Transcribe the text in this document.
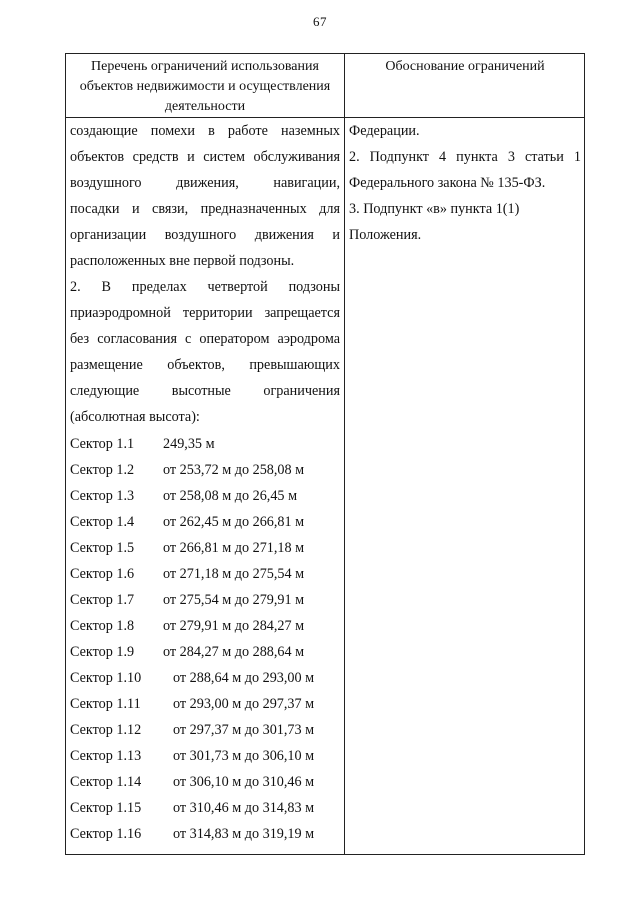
67
Перечень ограничений использования
объектов недвижимости и осуществления
деятельности
Обоснование ограничений
создающие помехи в работе наземных
объектов средств и систем обслуживания
воздушного движения, навигации,
посадки и связи, предназначенных для
организации воздушного движения и
расположенных вне первой подзоны.
2. В пределах четвертой подзоны
приаэродромной территории запрещается
без согласования с оператором аэродрома
размещение объектов, превышающих
следующие высотные ограничения
(абсолютная высота):
Сектор 1.1 249,35 м
Сектор 1.2 от 253,72 м до 258,08 м
Сектор 1.3 от 258,08 м до 26,45 м
Сектор 1.4 от 262,45 м до 266,81 м
Сектор 1.5 от 266,81 м до 271,18 м
Сектор 1.6 от 271,18 м до 275,54 м
Сектор 1.7 от 275,54 м до 279,91 м
Сектор 1.8 от 279,91 м до 284,27 м
Сектор 1.9 от 284,27 м до 288,64 м
Сектор 1.10 от 288,64 м до 293,00 м
Сектор 1.11 от 293,00 м до 297,37 м
Сектор 1.12 от 297,37 м до 301,73 м
Сектор 1.13 от 301,73 м до 306,10 м
Сектор 1.14 от 306,10 м до 310,46 м
Сектор 1.15 от 310,46 м до 314,83 м
Сектор 1.16 от 314,83 м до 319,19 м
Федерации.
2. Подпункт 4 пункта 3 статьи 1
Федерального закона № 135-ФЗ.
3. Подпункт «в» пункта 1(1)
Положения.
